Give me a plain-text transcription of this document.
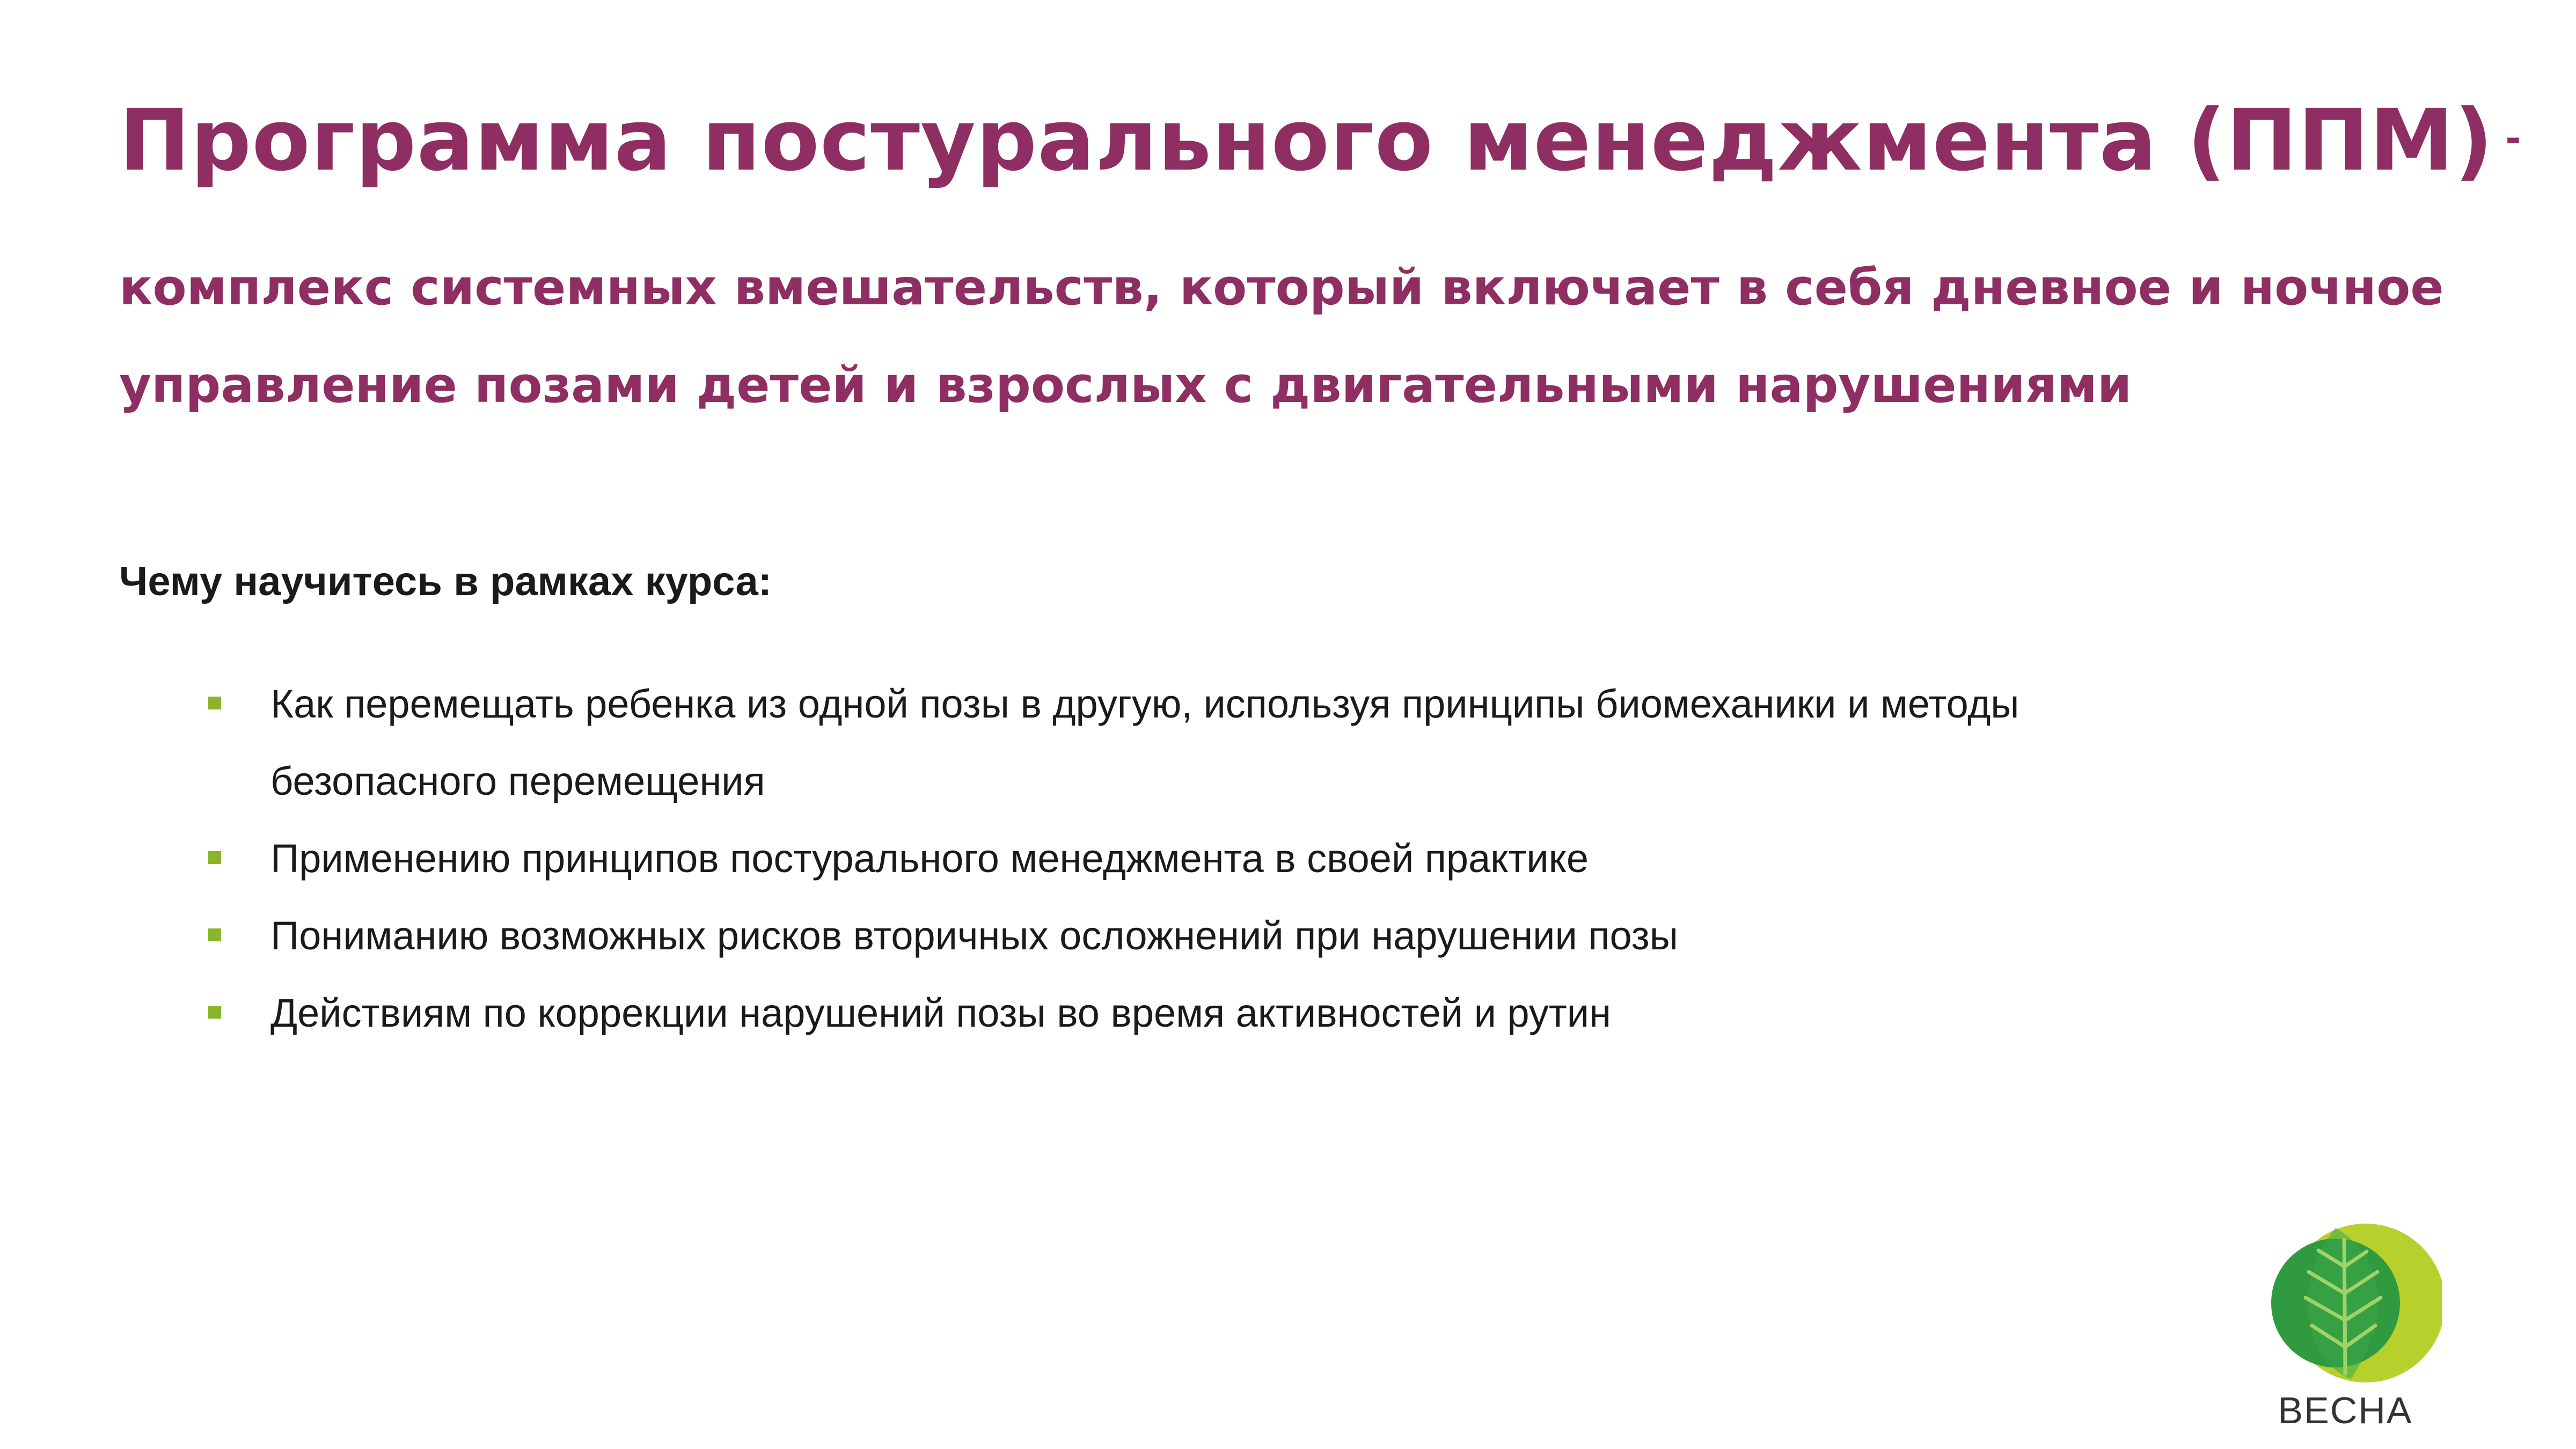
Программа постурального менеджмента (ППМ) -
комплекс системных вмешательств, который включает в себя дневное и ночное
управление позами детей и взрослых с двигательными нарушениями
Чему научитесь в рамках курса:
Как перемещать ребенка из одной позы в другую, используя принципы биомеханики и методы
безопасного перемещения
Применению принципов постурального менеджмента в своей практике
Пониманию возможных рисков вторичных осложнений при нарушении позы
Действиям по коррекции нарушений позы во время активностей и рутин
ВЕСНА
